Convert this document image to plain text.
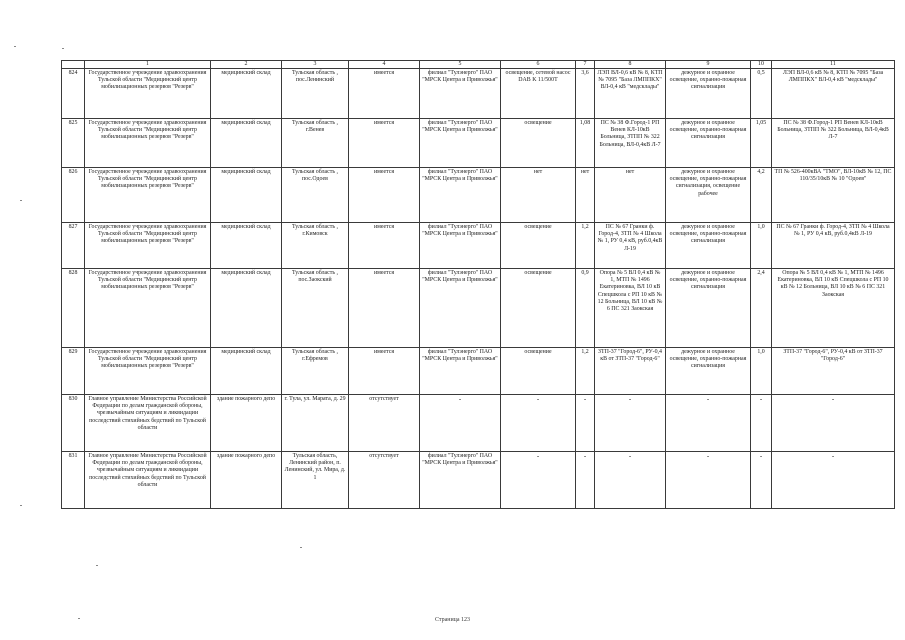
	1	2	3	4	5	6	7	8	9	10	11
824	Государственное учреждение здравоохранения Тульской области "Медицинский центр мобилизационных резервов "Резерв"	медицинский склад	Тульская область , пос.Ленинский	имеется	филиал "Тулэнерго" ПАО "МРСК Центра и Приволжья"	освещение, сетевой насос DAB K 11/500T	3,6	ЛЭП ВЛ-0,6 кВ № 8, КТП № 7095 "База ЛМППКХ" ВЛ-0,4 кВ "медсклады"	дежурное и охранное освещение, охранно-пожарная сигнализация	0,5	ЛЭП ВЛ-0,6 кВ № 8, КТП № 7095 "База ЛМППКХ" ВЛ-0,4 кВ "медсклады"
825	Государственное учреждение здравоохранения Тульской области "Медицинский центр мобилизационных резервов "Резерв"	медицинский склад	Тульская область , г.Венев	имеется	филиал "Тулэнерго" ПАО "МРСК Центра и Приволжья"	освещение	1,08	ПС № 38 Ф.Город-1 РП Венев КЛ-10кВ Больница, ЗТПП № 322 Больница, ВЛ-0,4кВ Л-7	дежурное и охранное освещение, охранно-пожарная сигнализация	1,05	ПС № 38 Ф.Город-1 РП Венев КЛ-10кВ Больница, ЗТПП № 322 Больница, ВЛ-0,4кВ Л-7
826	Государственное учреждение здравоохранения Тульской области "Медицинский центр мобилизационных резервов "Резерв"	медицинский склад	Тульская область , пос.Одоев	имеется	филиал "Тулэнерго" ПАО "МРСК Центра и Приволжья"	нет	нет	нет	дежурное и охранное освещение, охранно-пожарная сигнализация, освещение рабочее	4,2	ТП № 526-400кВА "ТМО", ВЛ-10кВ № 12, ПС 110/35/10кВ № 10 "Одоев"
827	Государственное учреждение здравоохранения Тульской области "Медицинский центр мобилизационных резервов "Резерв"	медицинский склад	Тульская область , г.Кимовск	имеется	филиал "Тулэнерго" ПАО "МРСК Центра и Приволжья"	освещение	1,2	ПС № 67 Гранки ф. Город-4, ЗТП № 4 Школа № 1, РУ 0,4 кВ, руб.0,4кВ Л-19	дежурное и охранное освещение, охранно-пожарная сигнализация	1,0	ПС № 67 Гранки ф. Город-4, ЗТП № 4 Школа № 1, РУ 0,4 кВ, руб.0,4кВ Л-19
828	Государственное учреждение здравоохранения Тульской области "Медицинский центр мобилизационных резервов "Резерв"	медицинский склад	Тульская область , пос.Заокский	имеется	филиал "Тулэнерго" ПАО "МРСК Центра и Приволжья"	освещение	0,9	Опора № 5 ВЛ 0,4 кВ № 1, МТП № 1496 Екатериновка, ВЛ 10 кВ Спецшкола с РП 10 кВ № 12 Больница, ВЛ 10 кВ № 6 ПС 321 Заокская	дежурное и охранное освещение, охранно-пожарная сигнализация	2,4	Опора № 5 ВЛ 0,4 кВ № 1, МТП № 1496 Екатериновка, ВЛ 10 кВ Спецшкола с РП 10 кВ № 12 Больница, ВЛ 10 кВ № 6 ПС 321 Заокская
829	Государственное учреждение здравоохранения Тульской области "Медицинский центр мобилизационных резервов "Резерв"	медицинский склад	Тульская область , г.Ефремов	имеется	филиал "Тулэнерго" ПАО "МРСК Центра и Приволжья"	освещение	1,2	ЗТП-37 "Город-6", РУ-0,4 кВ от ЗТП-37 "Город-6"	дежурное и охранное освещение, охранно-пожарная сигнализация	1,0	ЗТП-37 "Город-6", РУ-0,4 кВ от ЗТП-37 "Город-6"
830	Главное управление Министерства Российской Федерации по делам гражданской обороны, чрезвычайным ситуациям и ликвидации последствий стихийных бедствий по Тульской области	здание пожарного депо	г. Тула, ул. Марата, д. 29	отсутствует	-	-	-	-	-	-	-
831	Главное управление Министерства Российской Федерации по делам гражданской обороны, чрезвычайным ситуациям и ликвидации последствий стихийных бедствий по Тульской области	здание пожарного депо	Тульская область, Ленинский район, п. Ленинский, ул. Мира, д. 1	отсутствует	филиал "Тулэнерго" ПАО "МРСК Центра и Приволжья"	-	-	-	-	-	-
Страница 123
